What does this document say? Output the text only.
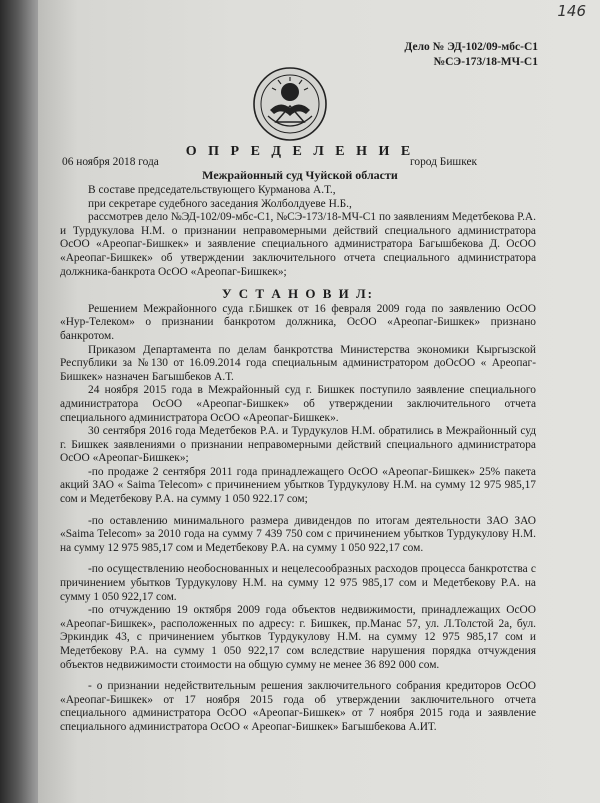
146
Дело № ЭД-102/09-мбс-С1
№СЭ-173/18-МЧ-С1
О П Р Е Д Е Л Е Н И Е
06 ноября 2018 года	город Бишкек
Межрайонный суд Чуйской области

В составе председательствующего Курманова А.Т.,

при секретаре судебного заседания Жолболдуеве Н.Б.,

рассмотрев дело №ЭД-102/09-мбс-С1, №СЭ-173/18-МЧ-С1 по заявлениям Медетбекова Р.А. и Турдукулова Н.М. о признании неправомерными действий специального администратора ОсОО «Ареопаг-Бишкек» и заявление специального администратора Багышбекова Д. ОсОО «Ареопаг-Бишкек» об утверждении заключительного отчета специального администратора должника-банкрота ОсОО «Ареопаг-Бишкек»;

У С Т А Н О В И Л:

Решением Межрайонного суда г.Бишкек от 16 февраля 2009 года по заявлению ОсОО «Нур-Телеком» о признании банкротом должника, ОсОО «Ареопаг-Бишкек» признано банкротом.

Приказом Департамента по делам банкротства Министерства экономики Кыргызской Республики за №130 от 16.09.2014 года специальным администратором доОсОО « Ареопаг-Бишкек» назначен Багышбеков А.Т.

24 ноября 2015 года в Межрайонный суд г. Бишкек поступило заявление специального администратора ОсОО «Ареопаг-Бишкек» об утверждении заключительного отчета специального администратора ОсОО «Ареопаг-Бишкек».

30 сентября 2016 года Медетбеков Р.А. и Турдукулов Н.М. обратились в Межрайонный суд г. Бишкек заявлениями о признании неправомерными действий специального администратора ОсОО «Ареопаг-Бишкек»;

-по продаже 2 сентября 2011 года принадлежащего ОсОО «Ареопаг-Бишкек» 25% пакета акций ЗАО « Saima Telecom» с причинением убытков Турдукулову Н.М. на сумму 12 975 985,17 сом и Медетбекову Р.А. на сумму 1 050 922.17 сом;

-по оставлению минимального размера дивидендов по итогам деятельности ЗАО ЗАО «Saima Telecom» за 2010 года на сумму 7 439 750 сом с причинением убытков Турдукулову Н.М. на сумму 12 975 985,17 сом и Медетбекову Р.А. на сумму 1 050 922,17 сом.

-по осуществлению необоснованных и нецелесообразных расходов процесса банкротства с причинением убытков Турдукулову Н.М. на сумму 12 975 985,17 сом и Медетбекову Р.А. на сумму 1 050 922,17 сом.

-по отчуждению 19 октября 2009 года объектов недвижимости, принадлежащих ОсОО «Ареопаг-Бишкек», расположенных по адресу: г. Бишкек, пр.Манас 57, ул. Л.Толстой 2а, бул. Эркиндик 43, с причинением убытков Турдукулову Н.М. на сумму 12 975 985,17 сом и Медетбекову Р.А. на сумму 1 050 922,17 сом вследствие нарушения порядка отчуждения объектов недвижимости стоимости на общую сумму не менее 36 892 000 сом.

- о признании недействительным решения заключительного собрания кредиторов ОсОО «Ареопаг-Бишкек» от 17 ноября 2015 года об утверждении заключительного отчета специального администратора ОсОО «Ареопаг-Бишкек» от 7 ноября 2015 года и заявление специального администратора ОсОО « Ареопаг-Бишкек» Багышбекова А.ИТ.
